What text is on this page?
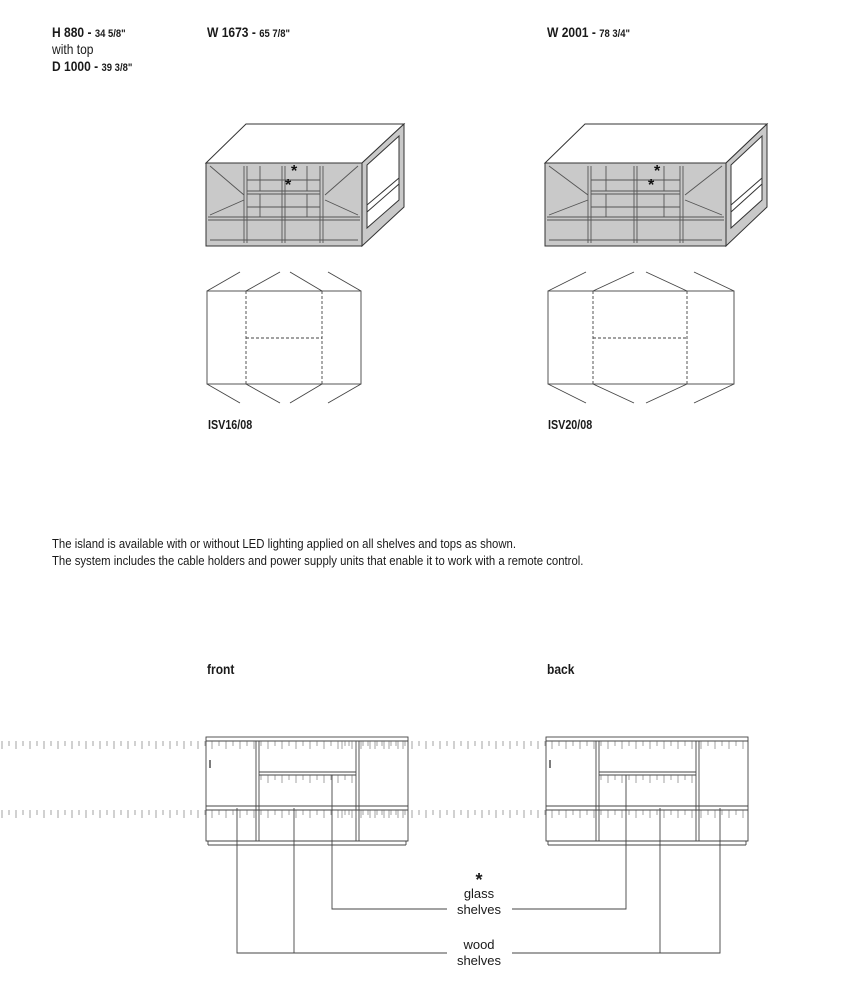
H 880 - 34 5/8"
with top
D 1000 - 39 3/8"
W 1673 - 65 7/8"	W 2001 - 78 3/4"
*
*
*
*
ISV16/08	ISV20/08
The island is available with or without LED lighting applied on all shelves and tops as shown.
The system includes the cable holders and power supply units that enable it to work with a remote control.
front	back
*
glass
shelves
wood
shelves
